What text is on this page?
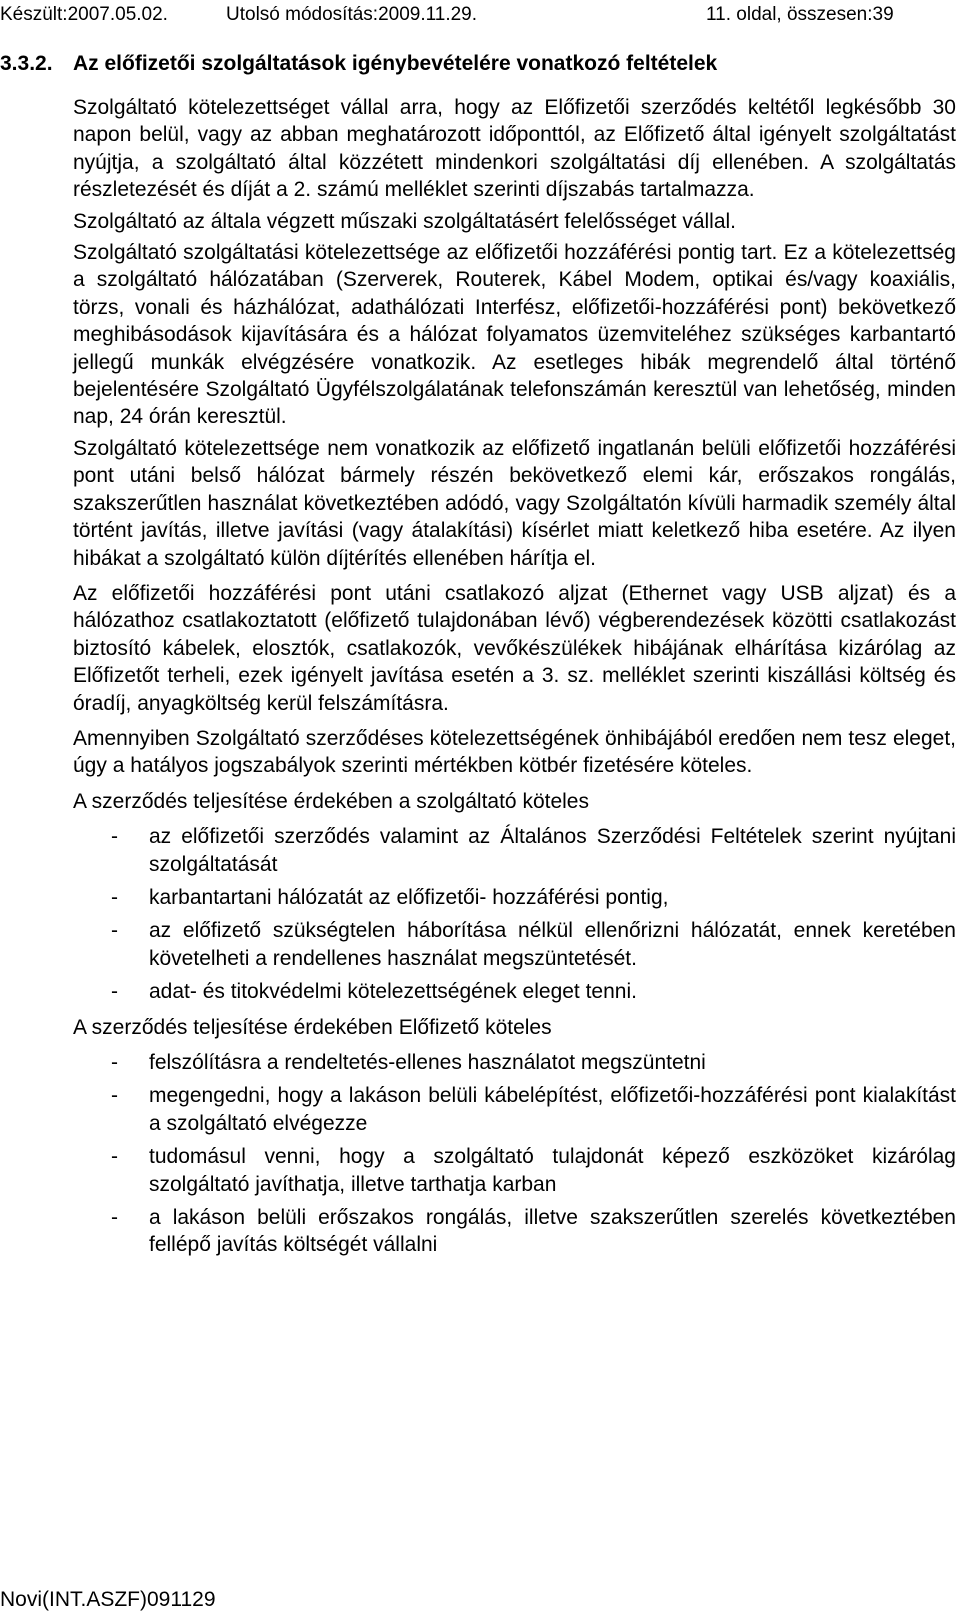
Készült:2007.05.02.	Utolsó módosítás:2009.11.29.	11. oldal, összesen:39
3.3.2. Az előfizetői szolgáltatások igénybevételére vonatkozó feltételek

Szolgáltató kötelezettséget vállal arra, hogy az Előfizetői szerződés keltétől legkésőbb 30 napon belül, vagy az abban meghatározott időponttól, az Előfizető által igényelt szolgáltatást nyújtja, a szolgáltató által közzétett mindenkori szolgáltatási díj ellenében. A szolgáltatás részletezését és díját a 2. számú melléklet szerinti díjszabás tartalmazza.

Szolgáltató az általa végzett műszaki szolgáltatásért felelősséget vállal.

Szolgáltató szolgáltatási kötelezettsége az előfizetői hozzáférési pontig tart. Ez a kötelezettség a szolgáltató hálózatában (Szerverek, Routerek, Kábel Modem, optikai és/vagy koaxiális, törzs, vonali és házhálózat, adathálózati Interfész, előfizetői-hozzáférési pont) bekövetkező meghibásodások kijavítására és a hálózat folyamatos üzemviteléhez szükséges karbantartó jellegű munkák elvégzésére vonatkozik. Az esetleges hibák megrendelő által történő bejelentésére Szolgáltató Ügyfélszolgálatának telefonszámán keresztül van lehetőség, minden nap, 24 órán keresztül.

Szolgáltató kötelezettsége nem vonatkozik az előfizető ingatlanán belüli előfizetői hozzáférési pont utáni belső hálózat bármely részén bekövetkező elemi kár, erőszakos rongálás, szakszerűtlen használat következtében adódó, vagy Szolgáltatón kívüli harmadik személy által történt javítás, illetve javítási (vagy átalakítási) kísérlet miatt keletkező hiba esetére. Az ilyen hibákat a szolgáltató külön díjtérítés ellenében hárítja el.

Az előfizetői hozzáférési pont utáni csatlakozó aljzat (Ethernet vagy USB aljzat) és a hálózathoz csatlakoztatott (előfizető tulajdonában lévő) végberendezések közötti csatlakozást biztosító kábelek, elosztók, csatlakozók, vevőkészülékek hibájának elhárítása kizárólag az Előfizetőt terheli, ezek igényelt javítása esetén a 3. sz. melléklet szerinti kiszállási költség és óradíj, anyagköltség kerül felszámításra.

Amennyiben Szolgáltató szerződéses kötelezettségének önhibájából eredően nem tesz eleget, úgy a hatályos jogszabályok szerinti mértékben kötbér fizetésére köteles.

A szerződés teljesítése érdekében a szolgáltató köteles

- az előfizetői szerződés valamint az Általános Szerződési Feltételek szerint nyújtani szolgáltatását
- karbantartani hálózatát az előfizetői- hozzáférési pontig,
- az előfizető szükségtelen háborítása nélkül ellenőrizni hálózatát, ennek keretében követelheti a rendellenes használat megszüntetését.
- adat- és titokvédelmi kötelezettségének eleget tenni.

A szerződés teljesítése érdekében Előfizető köteles

- felszólításra a rendeltetés-ellenes használatot megszüntetni
- megengedni, hogy a lakáson belüli kábelépítést, előfizetői-hozzáférési pont kialakítást a szolgáltató elvégezze
- tudomásul venni, hogy a szolgáltató tulajdonát képező eszközöket kizárólag szolgáltató javíthatja, illetve tarthatja karban
- a lakáson belüli erőszakos rongálás, illetve szakszerűtlen szerelés következtében fellépő javítás költségét vállalni
Novi(INT.ASZF)091129
